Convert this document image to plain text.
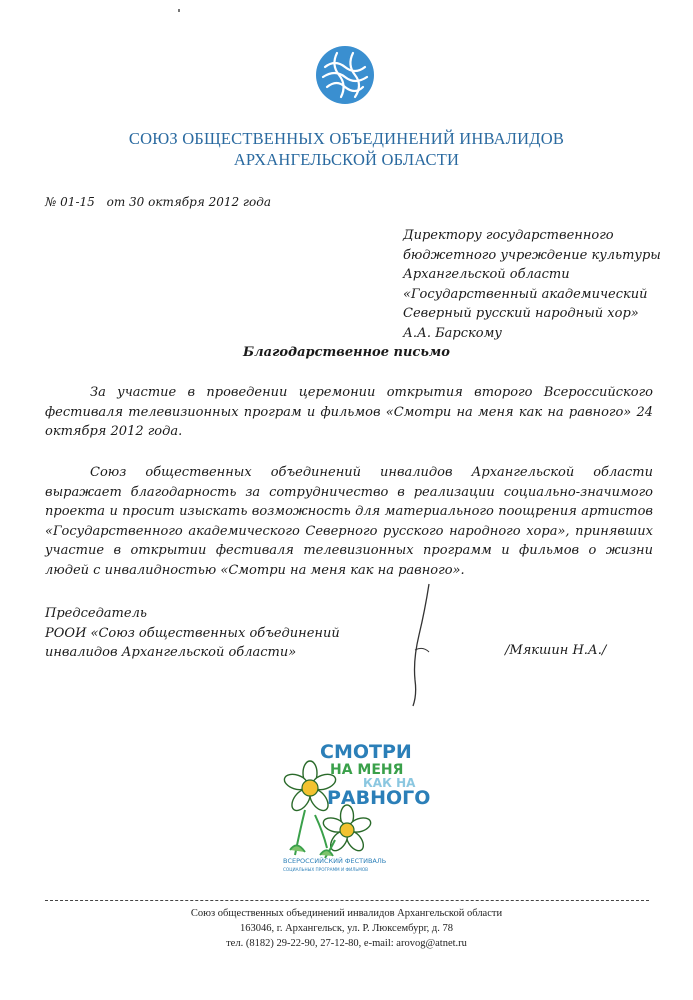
СОЮЗ ОБЩЕСТВЕННЫХ ОБЪЕДИНЕНИЙ ИНВАЛИДОВ
АРХАНГЕЛЬСКОЙ ОБЛАСТИ
№ 01-15 от 30 октября 2012 года
Директору государственного
бюджетного учреждение культуры
Архангельской области
«Государственный академический
Северный русский народный хор»
А.А. Барскому
Благодарственное письмо
За участие в проведении церемонии открытия второго Всероссийского фестиваля телевизионных програм и фильмов «Смотри на меня как на равного» 24 октября 2012 года.
Союз общественных объединений инвалидов Архангельской области выражает благодарность за сотрудничество в реализации социально-значимого проекта и просит изыскать возможность для материального поощрения артистов «Государственного академического Северного русского народного хора», принявших участие в открытии фестиваля телевизионных программ и фильмов о жизни людей с инвалидностью «Смотри на меня как на равного».
Председатель
РООИ «Союз общественных объединений
инвалидов Архангельской области»	/Мякшин Н.А./
СМОТРИ
НА МЕНЯ
КАК НА
РАВНОГО
ВСЕРОССИЙСКИЙ ФЕСТИВАЛЬ
СОЦИАЛЬНЫХ ПРОГРАММ И ФИЛЬМОВ
Союз общественных объединений инвалидов Архангельской области
163046, г. Архангельск, ул. Р. Люксембург, д. 78
тел. (8182) 29-22-90, 27-12-80, e-mail: arovog@atnet.ru
